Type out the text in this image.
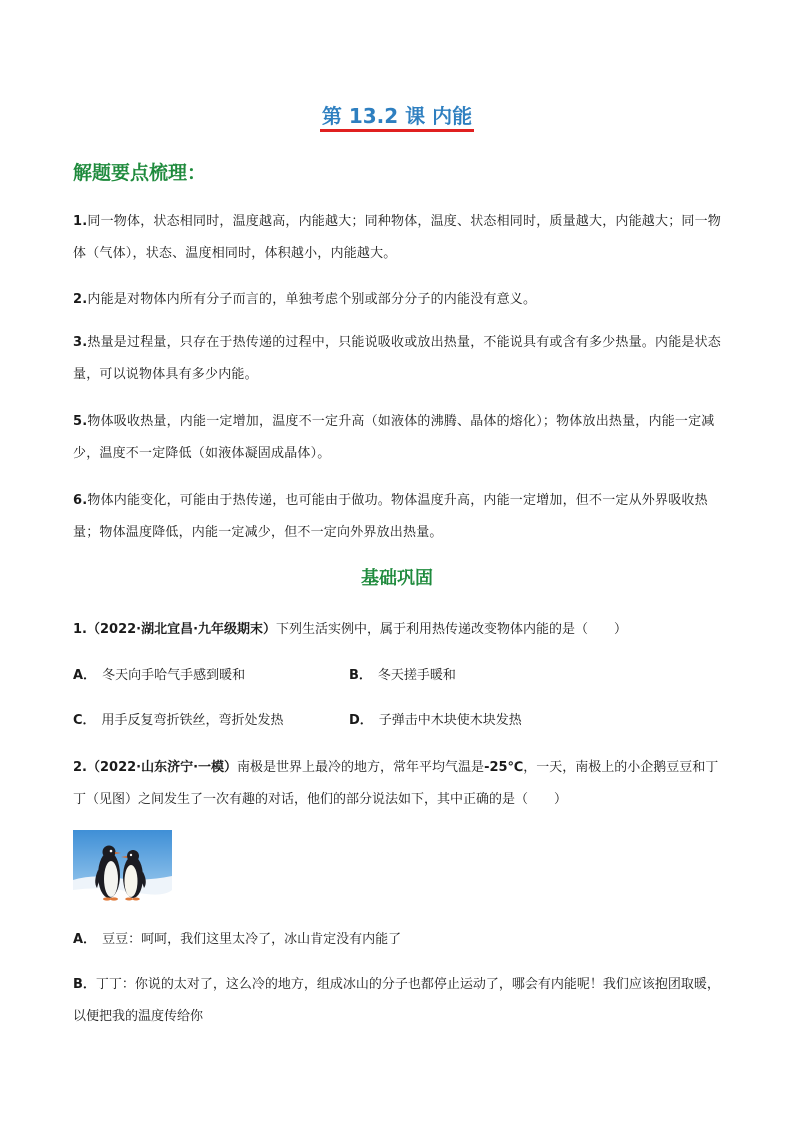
第 13.2 课 内能
解题要点梳理：
1.同一物体，状态相同时，温度越高，内能越大；同种物体，温度、状态相同时，质量越大，内能越大；同一物体（气体），状态、温度相同时，体积越小，内能越大。
2.内能是对物体内所有分子而言的，单独考虑个别或部分分子的内能没有意义。
3.热量是过程量，只存在于热传递的过程中，只能说吸收或放出热量，不能说具有或含有多少热量。内能是状态量，可以说物体具有多少内能。
5.物体吸收热量，内能一定增加，温度不一定升高（如液体的沸腾、晶体的熔化）；物体放出热量，内能一定减少，温度不一定降低（如液体凝固成晶体）。
6.物体内能变化，可能由于热传递，也可能由于做功。物体温度升高，内能一定增加，但不一定从外界吸收热量；物体温度降低，内能一定减少，但不一定向外界放出热量。
基础巩固
1.（2022·湖北宜昌·九年级期末）下列生活实例中，属于利用热传递改变物体内能的是（　　）
A． 冬天向手哈气手感到暖和	B． 冬天搓手暖和
C． 用手反复弯折铁丝，弯折处发热	D． 子弹击中木块使木块发热
2.（2022·山东济宁·一模）南极是世界上最冷的地方，常年平均气温是-25℃，一天，南极上的小企鹅豆豆和丁丁（见图）之间发生了一次有趣的对话，他们的部分说法如下，其中正确的是（　　）
A． 豆豆：呵呵，我们这里太冷了，冰山肯定没有内能了
B．丁丁：你说的太对了，这么冷的地方，组成冰山的分子也都停止运动了，哪会有内能呢！我们应该抱团取暖，以便把我的温度传给你
